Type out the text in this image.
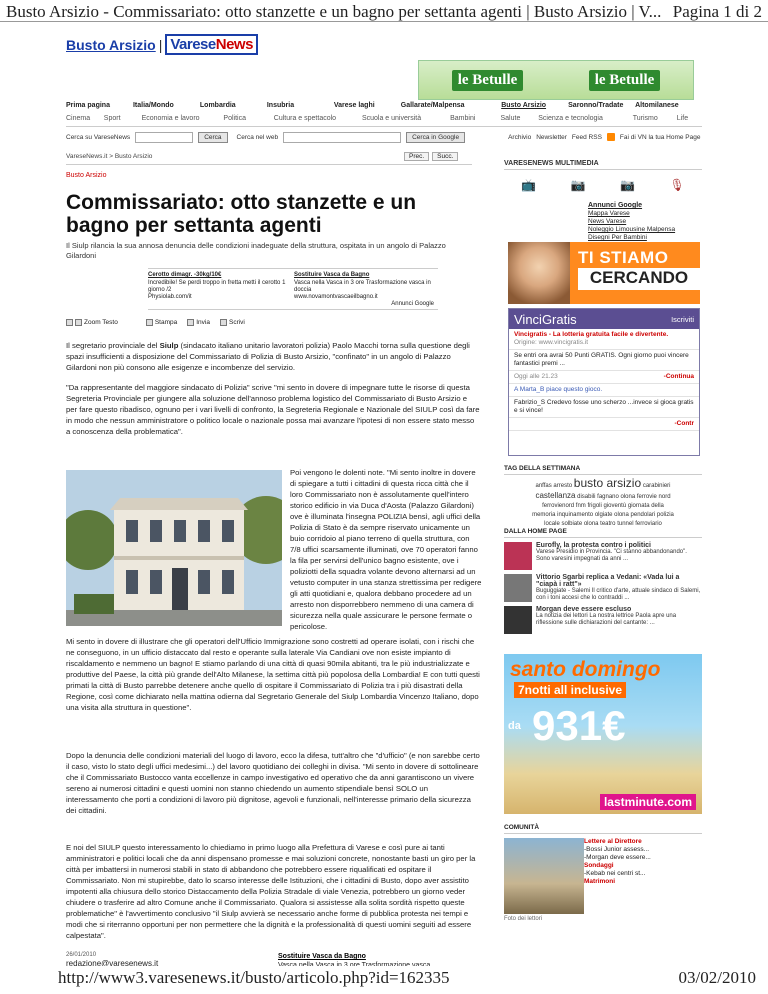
Busto Arsizio - Commissariato: otto stanzette e un bagno per settanta agenti | Busto Arsizio | V... Pagina 1 di 2
Busto Arsizio | VareseNews
le Betulle	le Betulle
Prima pagina	Italia/Mondo	Lombardia	Insubria	Varese laghi	Gallarate/Malpensa	Busto Arsizio	Saronno/Tradate	Altomilanese
Cinema	Sport	Economia e lavoro	Politica	Cultura e spettacolo	Scuola e università	Bambini	Salute	Scienza e tecnologia	Turismo	Life
Cerca su VareseNews	Cerca	Cerca nel web	Cerca in Google	Archivio Newsletter Feed RSS	Fai di VN la tua Home Page
VareseNews.it > Busto Arsizio	Prec.	Succ.
Busto Arsizio
Commissariato: otto stanzette e un bagno per settanta agenti
Il Siulp rilancia la sua annosa denuncia delle condizioni inadeguate della struttura, ospitata in un angolo di Palazzo Gilardoni
Cerotto dimagr. -30kg/10€
Incredibile! Se perdi troppo in fretta metti il cerotto 1 giorno /2
Physiolab.com/it
Sostituire Vasca da Bagno
Vasca nella Vasca in 3 ore Trasformazione vasca in doccia
www.novamontvascaeilbagno.it
Annunci Google
Zoom Testo	Stampa	Invia	Scrivi

Il segretario provinciale del Siulp (sindacato italiano unitario lavoratori polizia) Paolo Macchi torna sulla questione degli spazi insufficienti a disposizione del Commissariato di Polizia di Busto Arsizio, "confinato" in un angolo di Palazzo Gilardoni non più consono alle esigenze e incombenze del servizio.

"Da rappresentante del maggiore sindacato di Polizia" scrive "mi sento in dovere di impegnare tutte le risorse di questa Segreteria Provinciale per giungere alla soluzione dell'annoso problema logistico del Commissariato di Busto Arsizio e per fare questo ribadisco, ognuno per i vari livelli di confronto, la Segreteria Regionale e Nazionale del SIULP così da fare in modo che nessun amministratore o politico locale o nazionale possa mai avanzare l'ipotesi di non essere stato messo a conoscenza della problematica".

Poi vengono le dolenti note. "Mi sento inoltre in dovere di spiegare a tutti i cittadini di questa ricca città che il loro Commissariato non è assolutamente quell'intero storico edificio in via Duca d'Aosta (Palazzo Gilardoni) ove è illuminata l'insegna POLIZIA bensì, agli uffici della Polizia di Stato è da sempre riservato unicamente un buio corridoio al piano terreno di quella struttura, con 7/8 uffici scarsamente illuminati, ove 70 operatori fanno la fila per servirsi dell'unico bagno esistente, ove i poliziotti della squadra volante devono alternarsi ad un vetusto computer in una stanza strettissima per redigere gli atti quotidiani e, qualora debbano procedere ad un arresto non disporrebbero nemmeno di una camera di sicurezza nella quale assicurare le persone fermate o pericolose.

Mi sento in dovere di illustrare che gli operatori dell'Ufficio Immigrazione sono costretti ad operare isolati, con i rischi che ne conseguono, in un ufficio distaccato dal resto e operante sulla laterale Via Candiani ove non esiste impianto di riscaldamento e nemmeno un bagno! E stiamo parlando di una città di quasi 90mila abitanti, tra le più industrializzate e produttive del Paese, la città più grande dell'Alto Milanese, la settima città più popolosa della Lombardia! E con tutti questi primati la città di Busto parrebbe detenere anche quello di ospitare il Commissariato di Polizia tra i più disastrati della Regione, così come dichiarato nella mattina odierna dal Segretario Generale del Siulp Lombardia Vincenzo Italiano, dopo una visita alla struttura in questione".

Dopo la denuncia delle condizioni materiali del luogo di lavoro, ecco la difesa, tutt'altro che "d'ufficio" (e non sarebbe certo il caso, visto lo stato degli uffici medesimi...) del lavoro quotidiano dei colleghi in divisa. "Mi sento in dovere di sottolineare che il Commissariato Bustocco vanta eccellenze in campo investigativo ed operativo che da anni garantiscono un vivere sereno ai numerosi cittadini e questi uomini non stanno chiedendo un aumento stipendiale bensì SOLO un interessamento che porti a condizioni di lavoro più dignitose, agevoli e funzionali, nell'interesse primario della sicurezza dei cittadini.

E noi del SIULP questo interessamento lo chiediamo in primo luogo alla Prefettura di Varese e così pure ai tanti amministratori e politici locali che da anni dispensano promesse e mai soluzioni concrete, nonostante basti un giro per la città per imbattersi in numerosi stabili in stato di abbandono che potrebbero essere riqualificati ed ospitare il Commissariato. Non mi stupirebbe, dato lo scarso interesse delle Istituzioni, che i cittadini di Busto, dopo aver assistito impotenti alla chiusura dello storico Distaccamento della Polizia Stradale di viale Venezia, potrebbero un giorno veder chiudere o trasferire ad altro Comune anche il Commissariato. Qualora si assistesse alla solita sordità rispetto queste problematiche" è l'avvertimento conclusivo "il Siulp avvierà se necessario anche forme di pubblica protesta nei tempi e modi che si riterranno opportuni per non permettere che la dignità e la professionalità di questi uomini seguiti ad essere calpestata".

26/01/2010
redazione@varesenews.it
Sostituire Vasca da Bagno
Vasca nella Vasca in 3 ore Trasformazione vasca
VARESENEWS MULTIMEDIA
📺	📷	📷	🎙
Annunci Google
Mappa Varese
News Varese
Noleggio Limousine Malpensa
Disegni Per Bambini
TI STIAMO
CERCANDO
VinciGratis	Iscriviti
Vincigratis - La lotteria gratuita facile e divertente.
Origine: www.vincigratis.it
Se entri ora avrai 50 Punti GRATIS. Ogni giorno puoi vincere fantastici premi ...
Oggi alle 21.23	-Continua
A Marta_B piace questo gioco.
Fabrizio_S Credevo fosse uno scherzo ...invece si gioca gratis e si vince!
-Contr
TAG DELLA SETTIMANA
anffas arresto busto arsizio carabinieri
castellanza disabili fagnano olona ferrovie nord
ferrovienord fnm frigoli gioventù giornata della
memoria inquinamento olgiate olona pendolari polizia
locale solbiate olona teatro tunnel ferroviario
DALLA HOME PAGE
Eurofly, la protesta contro i politici
Varese Presidio in Provincia. "Ci stanno abbandonando". Sono varesini impegnati da anni ...
Vittorio Sgarbi replica a Vedani: «Vada lui a "ciapà i ratt"»
Buguggiate - Salemi Il critico d'arte, attuale sindaco di Salemi, con i toni accesi che lo contraddi ...
Morgan deve essere escluso
La notizia dei lettori La nostra lettrice Paola apre una riflessione sulle dichiarazioni del cantante: ...
santo domingo
7notti all inclusive
da 931€
lastminute.com
COMUNITÀ
Lettere al Direttore
-Bossi Junior assess...
-Morgan deve essere...
Sondaggi
-Kebab nei centri st...
Matrimoni
Foto dei lettori
http://www3.varesenews.it/busto/articolo.php?id=162335	03/02/2010
